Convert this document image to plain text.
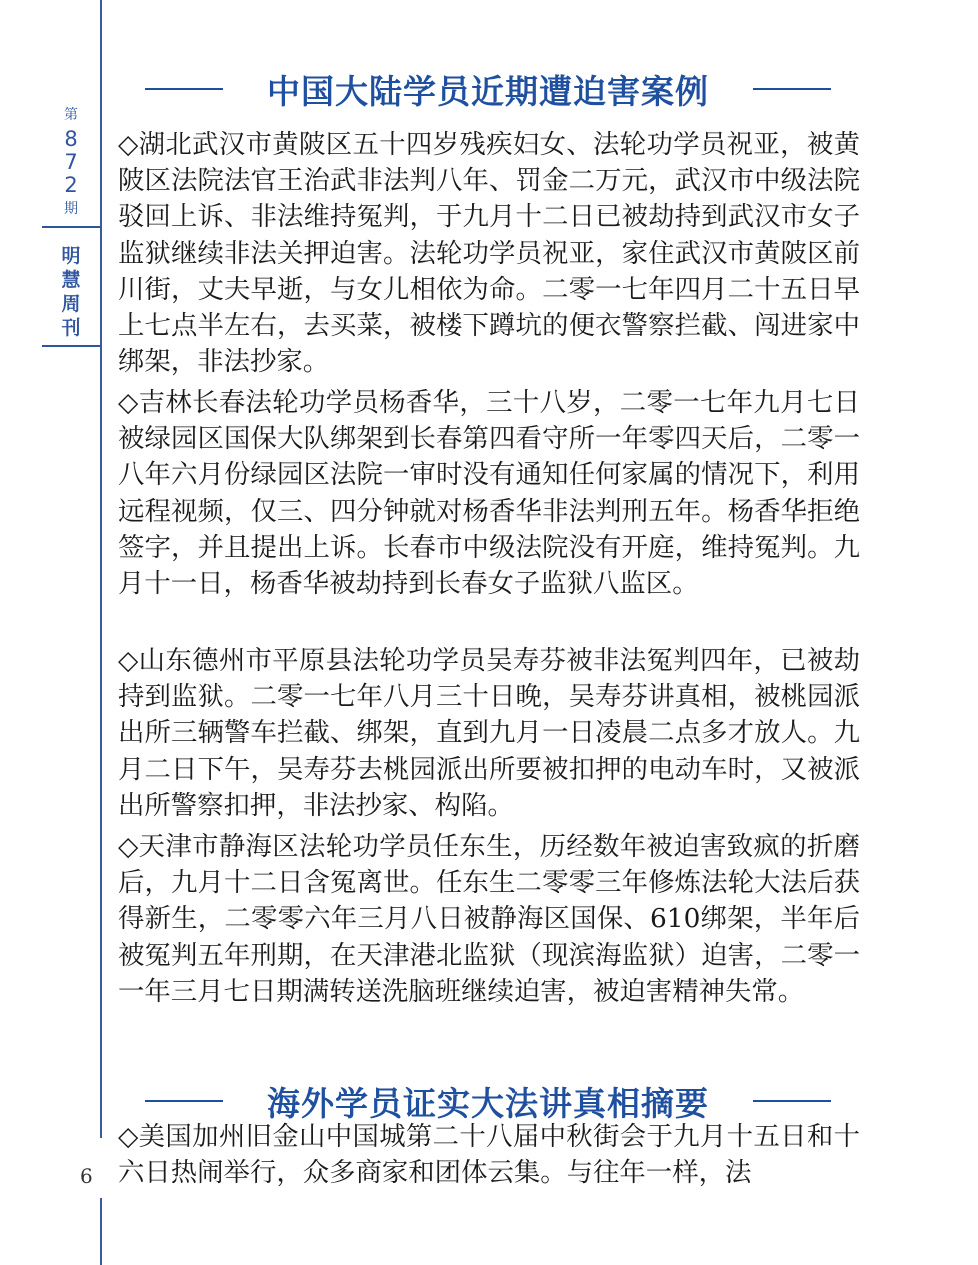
第
8
7
2
期
明
慧
周
刊
6
中国大陆学员近期遭迫害案例

◇湖北武汉市黄陂区五十四岁残疾妇女、法轮功学员祝亚，被黄陂区法院法官王治武非法判八年、罚金二万元，武汉市中级法院驳回上诉、非法维持冤判，于九月十二日已被劫持到武汉市女子监狱继续非法关押迫害。法轮功学员祝亚，家住武汉市黄陂区前川街，丈夫早逝，与女儿相依为命。二零一七年四月二十五日早上七点半左右，去买菜，被楼下蹲坑的便衣警察拦截、闯进家中绑架，非法抄家。

◇吉林长春法轮功学员杨香华，三十八岁，二零一七年九月七日被绿园区国保大队绑架到长春第四看守所一年零四天后，二零一八年六月份绿园区法院一审时没有通知任何家属的情况下，利用远程视频，仅三、四分钟就对杨香华非法判刑五年。杨香华拒绝签字，并且提出上诉。长春市中级法院没有开庭，维持冤判。九月十一日，杨香华被劫持到长春女子监狱八监区。

◇山东德州市平原县法轮功学员吴寿芬被非法冤判四年，已被劫持到监狱。二零一七年八月三十日晚，吴寿芬讲真相，被桃园派出所三辆警车拦截、绑架，直到九月一日凌晨二点多才放人。九月二日下午，吴寿芬去桃园派出所要被扣押的电动车时，又被派出所警察扣押，非法抄家、构陷。

◇天津市静海区法轮功学员任东生，历经数年被迫害致疯的折磨后，九月十二日含冤离世。任东生二零零三年修炼法轮大法后获得新生，二零零六年三月八日被静海区国保、610绑架，半年后被冤判五年刑期，在天津港北监狱（现滨海监狱）迫害，二零一一年三月七日期满转送洗脑班继续迫害，被迫害精神失常。

海外学员证实大法讲真相摘要

◇美国加州旧金山中国城第二十八届中秋街会于九月十五日和十六日热闹举行，众多商家和团体云集。与往年一样，法
